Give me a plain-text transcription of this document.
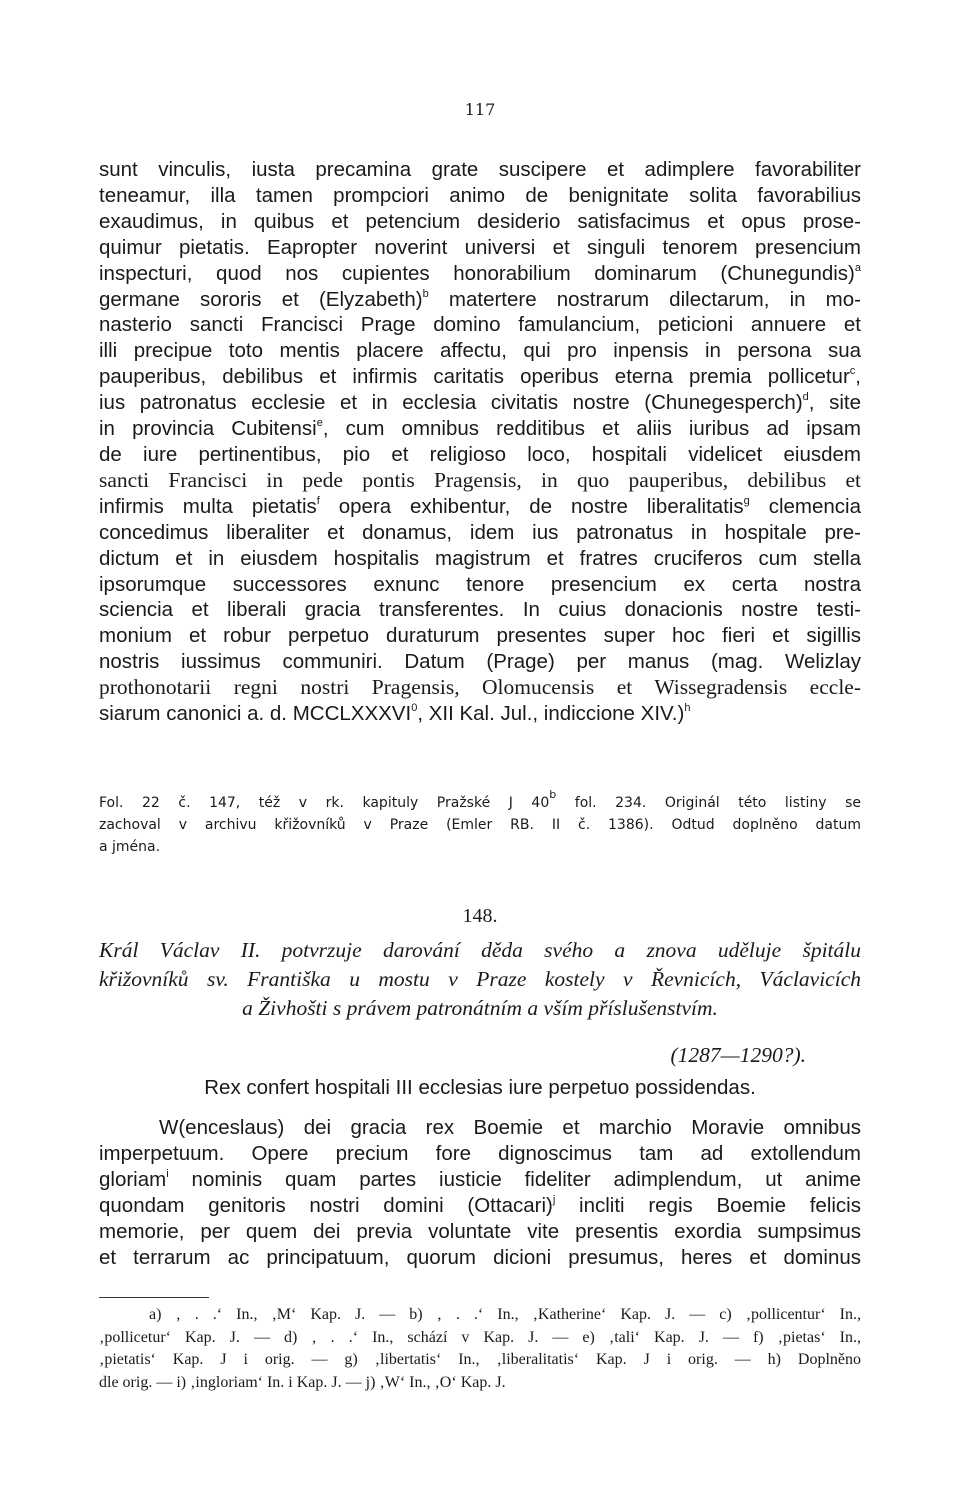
117
sunt vinculis, iusta precamina grate suscipere et adimplere favorabiliter
teneamur, illa tamen prompciori animo de benignitate solita favorabilius
exaudimus, in quibus et petencium desiderio satisfacimus et opus prose-
quimur pietatis. Eapropter noverint universi et singuli tenorem presencium
inspecturi, quod nos cupientes honorabilium dominarum (Chunegundis)$^a$
germane sororis et (Elyzabeth)$^b$ matertere nostrarum dilectarum, in mo-
nasterio sancti Francisci Prage domino famulancium, peticioni annuere et
illi precipue toto mentis placere affectu, qui pro inpensis in persona sua
pauperibus, debilibus et infirmis caritatis operibus eterna premia pollicetur$^c$,
ius patronatus ecclesie et in ecclesia civitatis nostre (Chunegesperch)$^d$, site
in provincia Cubitensi$^e$, cum omnibus redditibus et aliis iuribus ad ipsam
de iure pertinentibus, pio et religioso loco, hospitali videlicet eiusdem
sancti Francisci in pede pontis Pragensis, in quo pauperibus, debilibus et
infirmis multa pietatis$^f$ opera exhibentur, de nostre liberalitatis$^g$ clemencia
concedimus liberaliter et donamus, idem ius patronatus in hospitale pre-
dictum et in eiusdem hospitalis magistrum et fratres cruciferos cum stella
ipsorumque successores exnunc tenore presencium ex certa nostra
sciencia et liberali gracia transferentes. In cuius donacionis nostre testi-
monium et robur perpetuo duraturum presentes super hoc fieri et sigillis
nostris iussimus communiri. Datum (Prage) per manus (mag. Welizlay
prothonotarii regni nostri Pragensis, Olomucensis et Wissegradensis eccle-
siarum canonici a. d. MCCLXXXVI$^0$, XII Kal. Jul., indiccione XIV.)$^h$
Fol. 22 č. 147, též v rk. kapituly Pražské J 40$^b$ fol. 234. Originál této listiny se
zachoval v archivu křižovníků v Praze (Emler RB. II č. 1386). Odtud doplněno datum
a jména.
148.
Král Václav II. potvrzuje darování děda svého a znova uděluje špitálu
křižovníků sv. Františka u mostu v Praze kostely v Řevnicích, Václavicích
a Živhošti s právem patronátním a vším příslušenstvím.
(1287—1290?).
Rex confert hospitali III ecclesias iure perpetuo possidendas.
W(enceslaus) dei gracia rex Boemie et marchio Moravie omnibus
imperpetuum. Opere precium fore dignoscimus tam ad extollendum
gloriam$^i$ nominis quam partes iusticie fideliter adimplendum, ut anime
quondam genitoris nostri domini (Ottacari)$^j$ incliti regis Boemie felicis
memorie, per quem dei previa voluntate vite presentis exordia sumpsimus
et terrarum ac principatuum, quorum dicioni presumus, heres et dominus
a) ‚ . .‘ In., ‚M‘ Kap. J. — b) ‚ . .‘ In., ‚Katherine‘ Kap. J. — c) ‚pollicentur‘ In.,
‚pollicetur‘ Kap. J. — d) ‚ . .‘ In., schází v Kap. J. — e) ‚tali‘ Kap. J. — f) ‚pietas‘ In.,
‚pietatis‘ Kap. J i orig. — g) ‚libertatis‘ In., ‚liberalitatis‘ Kap. J i orig. — h) Doplněno
dle orig. — i) ‚ingloriam‘ In. i Kap. J. — j) ‚W‘ In., ‚O‘ Kap. J.
